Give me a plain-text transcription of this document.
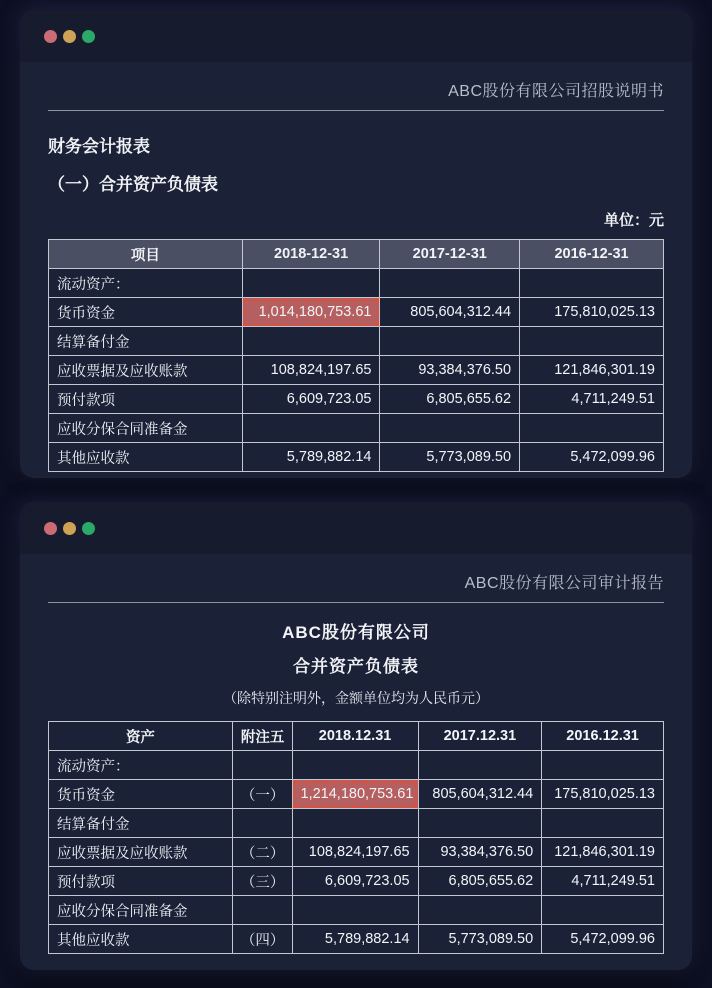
ABC股份有限公司招股说明书
财务会计报表
（一）合并资产负债表
单位：元
项目	2018-12-31	2017-12-31	2016-12-31
流动资产：			
货币资金	1,014,180,753.61	805,604,312.44	175,810,025.13
结算备付金			
应收票据及应收账款	108,824,197.65	93,384,376.50	121,846,301.19
预付款项	6,609,723.05	6,805,655.62	4,711,249.51
应收分保合同准备金			
其他应收款	5,789,882.14	5,773,089.50	5,472,099.96
ABC股份有限公司审计报告
ABC股份有限公司
合并资产负债表
（除特别注明外，金额单位均为人民币元）
资产	附注五	2018.12.31	2017.12.31	2016.12.31
流动资产：				
货币资金	（一）	1,214,180,753.61	805,604,312.44	175,810,025.13
结算备付金				
应收票据及应收账款	（二）	108,824,197.65	93,384,376.50	121,846,301.19
预付款项	（三）	6,609,723.05	6,805,655.62	4,711,249.51
应收分保合同准备金				
其他应收款	（四）	5,789,882.14	5,773,089.50	5,472,099.96
